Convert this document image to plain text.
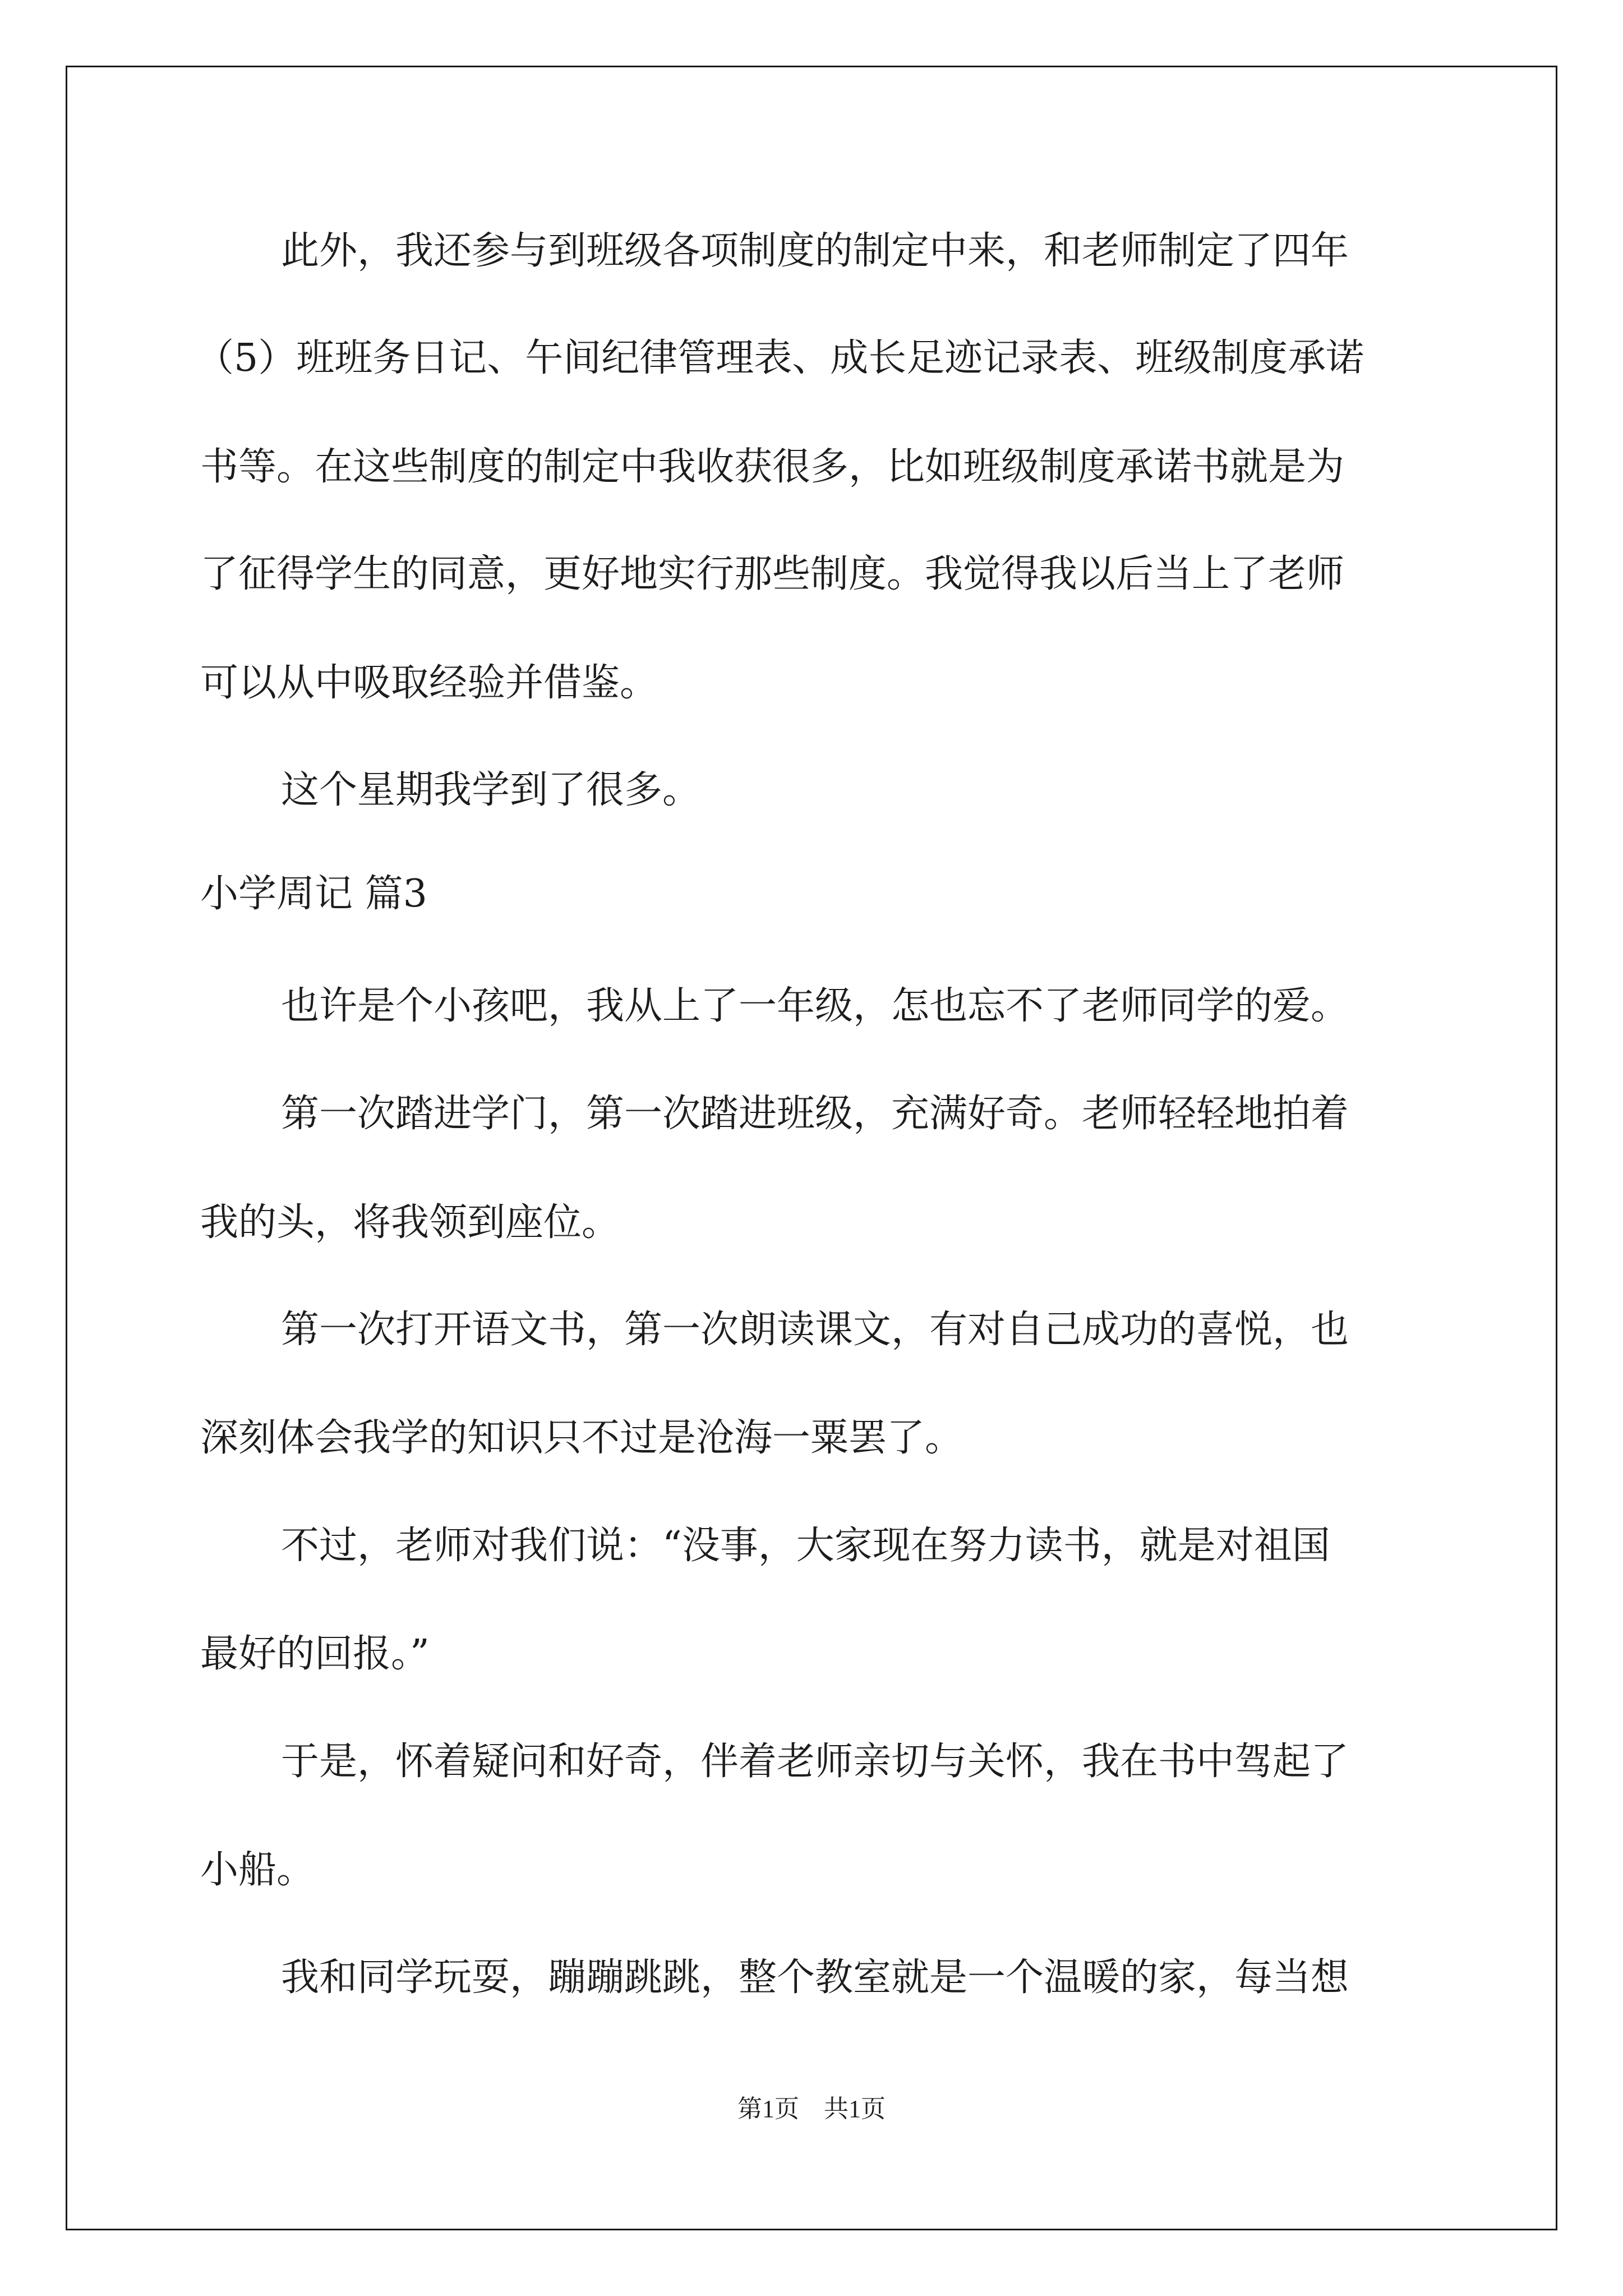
此外，我还参与到班级各项制度的制定中来，和老师制定了四年

（5）班班务日记、午间纪律管理表、成长足迹记录表、班级制度承诺

书等。在这些制度的制定中我收获很多，比如班级制度承诺书就是为

了征得学生的同意，更好地实行那些制度。我觉得我以后当上了老师

可以从中吸取经验并借鉴。

这个星期我学到了很多。

小学周记 篇3

也许是个小孩吧，我从上了一年级，怎也忘不了老师同学的爱。

第一次踏进学门，第一次踏进班级，充满好奇。老师轻轻地拍着

我的头，将我领到座位。

第一次打开语文书，第一次朗读课文，有对自己成功的喜悦，也

深刻体会我学的知识只不过是沧海一粟罢了。

不过，老师对我们说：“没事，大家现在努力读书，就是对祖国

最好的回报。”

于是，怀着疑问和好奇，伴着老师亲切与关怀，我在书中驾起了

小船。

我和同学玩耍，蹦蹦跳跳，整个教室就是一个温暖的家，每当想

第1页　共1页
